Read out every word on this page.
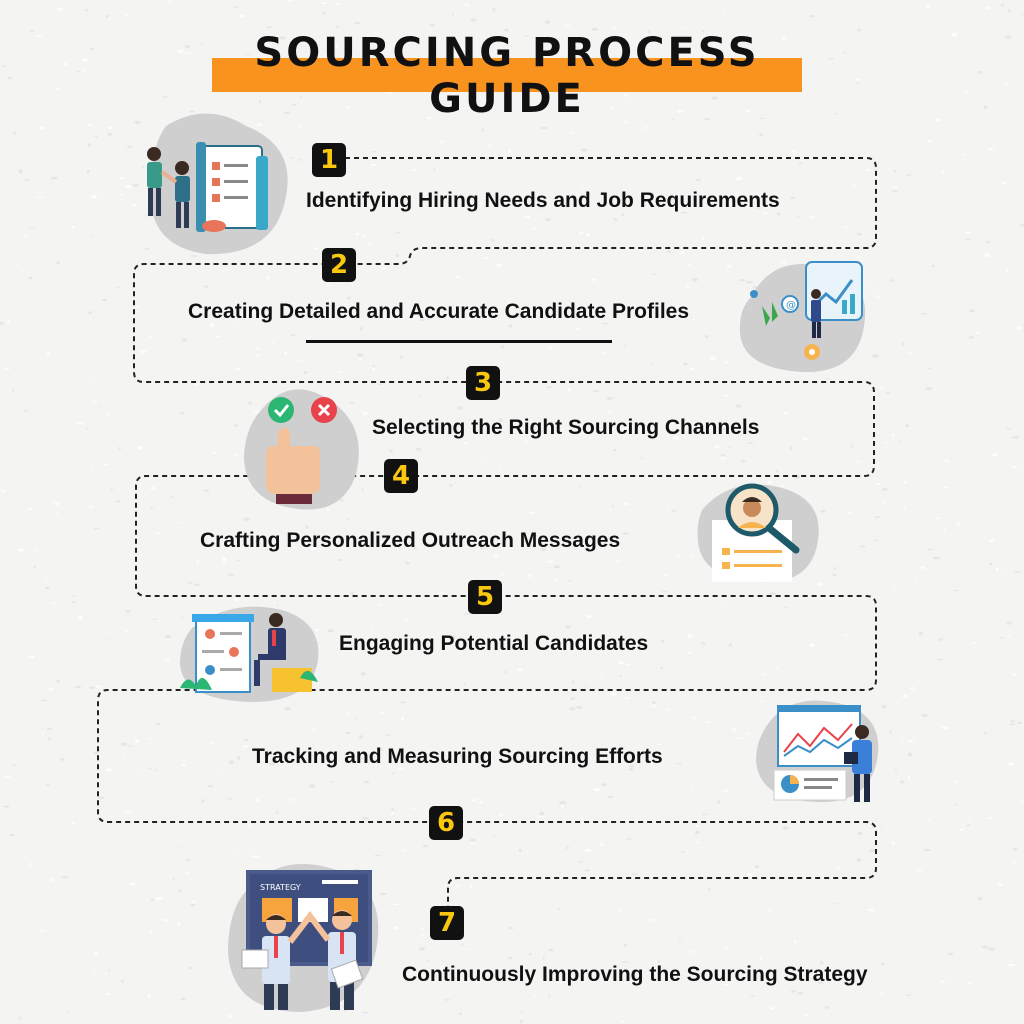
SOURCING PROCESS GUIDE
1
2
3
4
5
6
7
Identifying Hiring Needs and Job Requirements
Creating Detailed and Accurate Candidate Profiles
Selecting the Right Sourcing Channels
Crafting Personalized Outreach Messages
Engaging Potential Candidates
Tracking and Measuring Sourcing Efforts
Continuously Improving the Sourcing Strategy
@
STRATEGY
